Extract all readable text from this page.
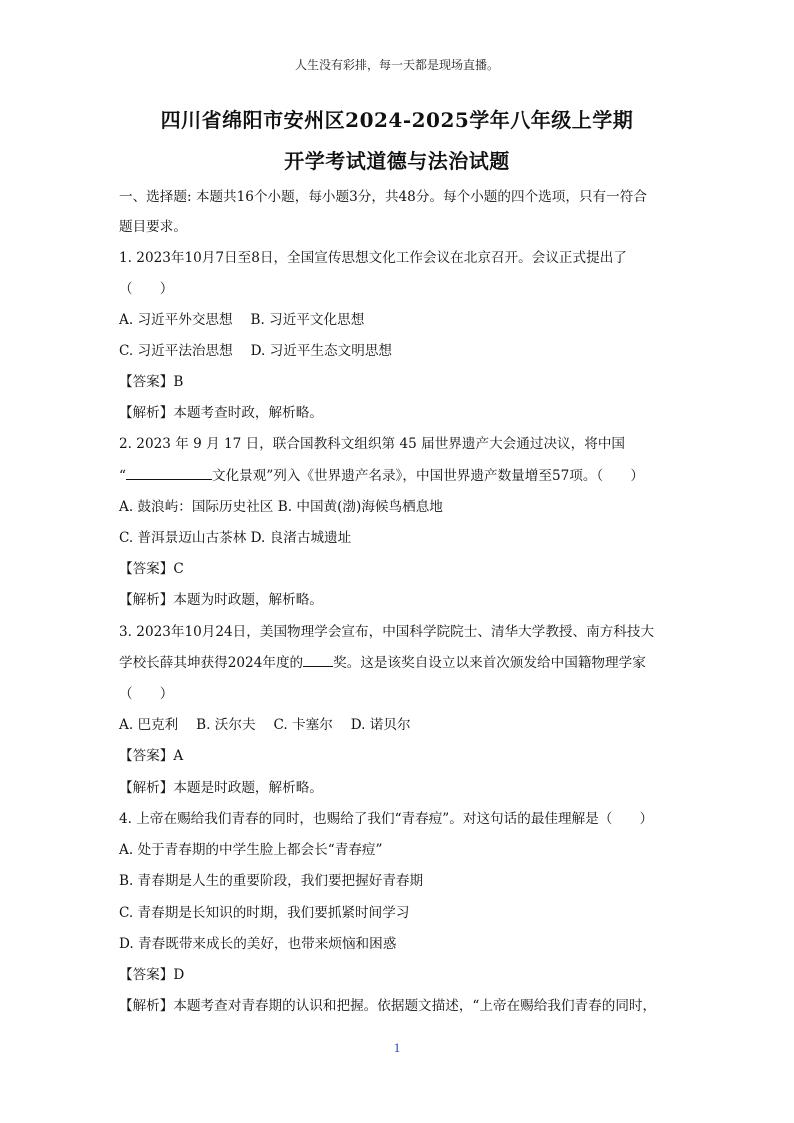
人生没有彩排，每一天都是现场直播。
四川省绵阳市安州区2024-2025学年八年级上学期
开学考试道德与法治试题
一、选择题: 本题共16个小题，每小题3分，共48分。每个小题的四个选项，只有一符合
题目要求。
1. 2023年10月7日至8日，全国宣传思想文化工作会议在北京召开。会议正式提出了
（　　）
A. 习近平外交思想　 B. 习近平文化思想
C. 习近平法治思想　 D. 习近平生态文明思想
【答案】B
【解析】本题考查时政，解析略。
2. 2023 年 9 月 17 日，联合国教科文组织第 45 届世界遗产大会通过决议，将中国
“	文化景观”列入《世界遗产名录》，中国世界遗产数量增至57项。（　　）
A. 鼓浪屿：国际历史社区 B. 中国黄(渤)海候鸟栖息地
C. 普洱景迈山古茶林 D. 良渚古城遗址
【答案】C
【解析】本题为时政题，解析略。
3. 2023年10月24日，美国物理学会宣布，中国科学院院士、清华大学教授、南方科技大
学校长薛其坤获得2024年度的 奖。这是该奖自设立以来首次颁发给中国籍物理学家
（　　）
A. 巴克利　 B. 沃尔夫　 C. 卡塞尔　 D. 诺贝尔
【答案】A
【解析】本题是时政题，解析略。
4. 上帝在赐给我们青春的同时，也赐给了我们“青春痘”。对这句话的最佳理解是（　　）
A. 处于青春期的中学生脸上都会长“青春痘”
B. 青春期是人生的重要阶段，我们要把握好青春期
C. 青春期是长知识的时期，我们要抓紧时间学习
D. 青春既带来成长的美好，也带来烦恼和困惑
【答案】D
【解析】本题考查对青春期的认识和把握。依据题文描述，“上帝在赐给我们青春的同时，
1
